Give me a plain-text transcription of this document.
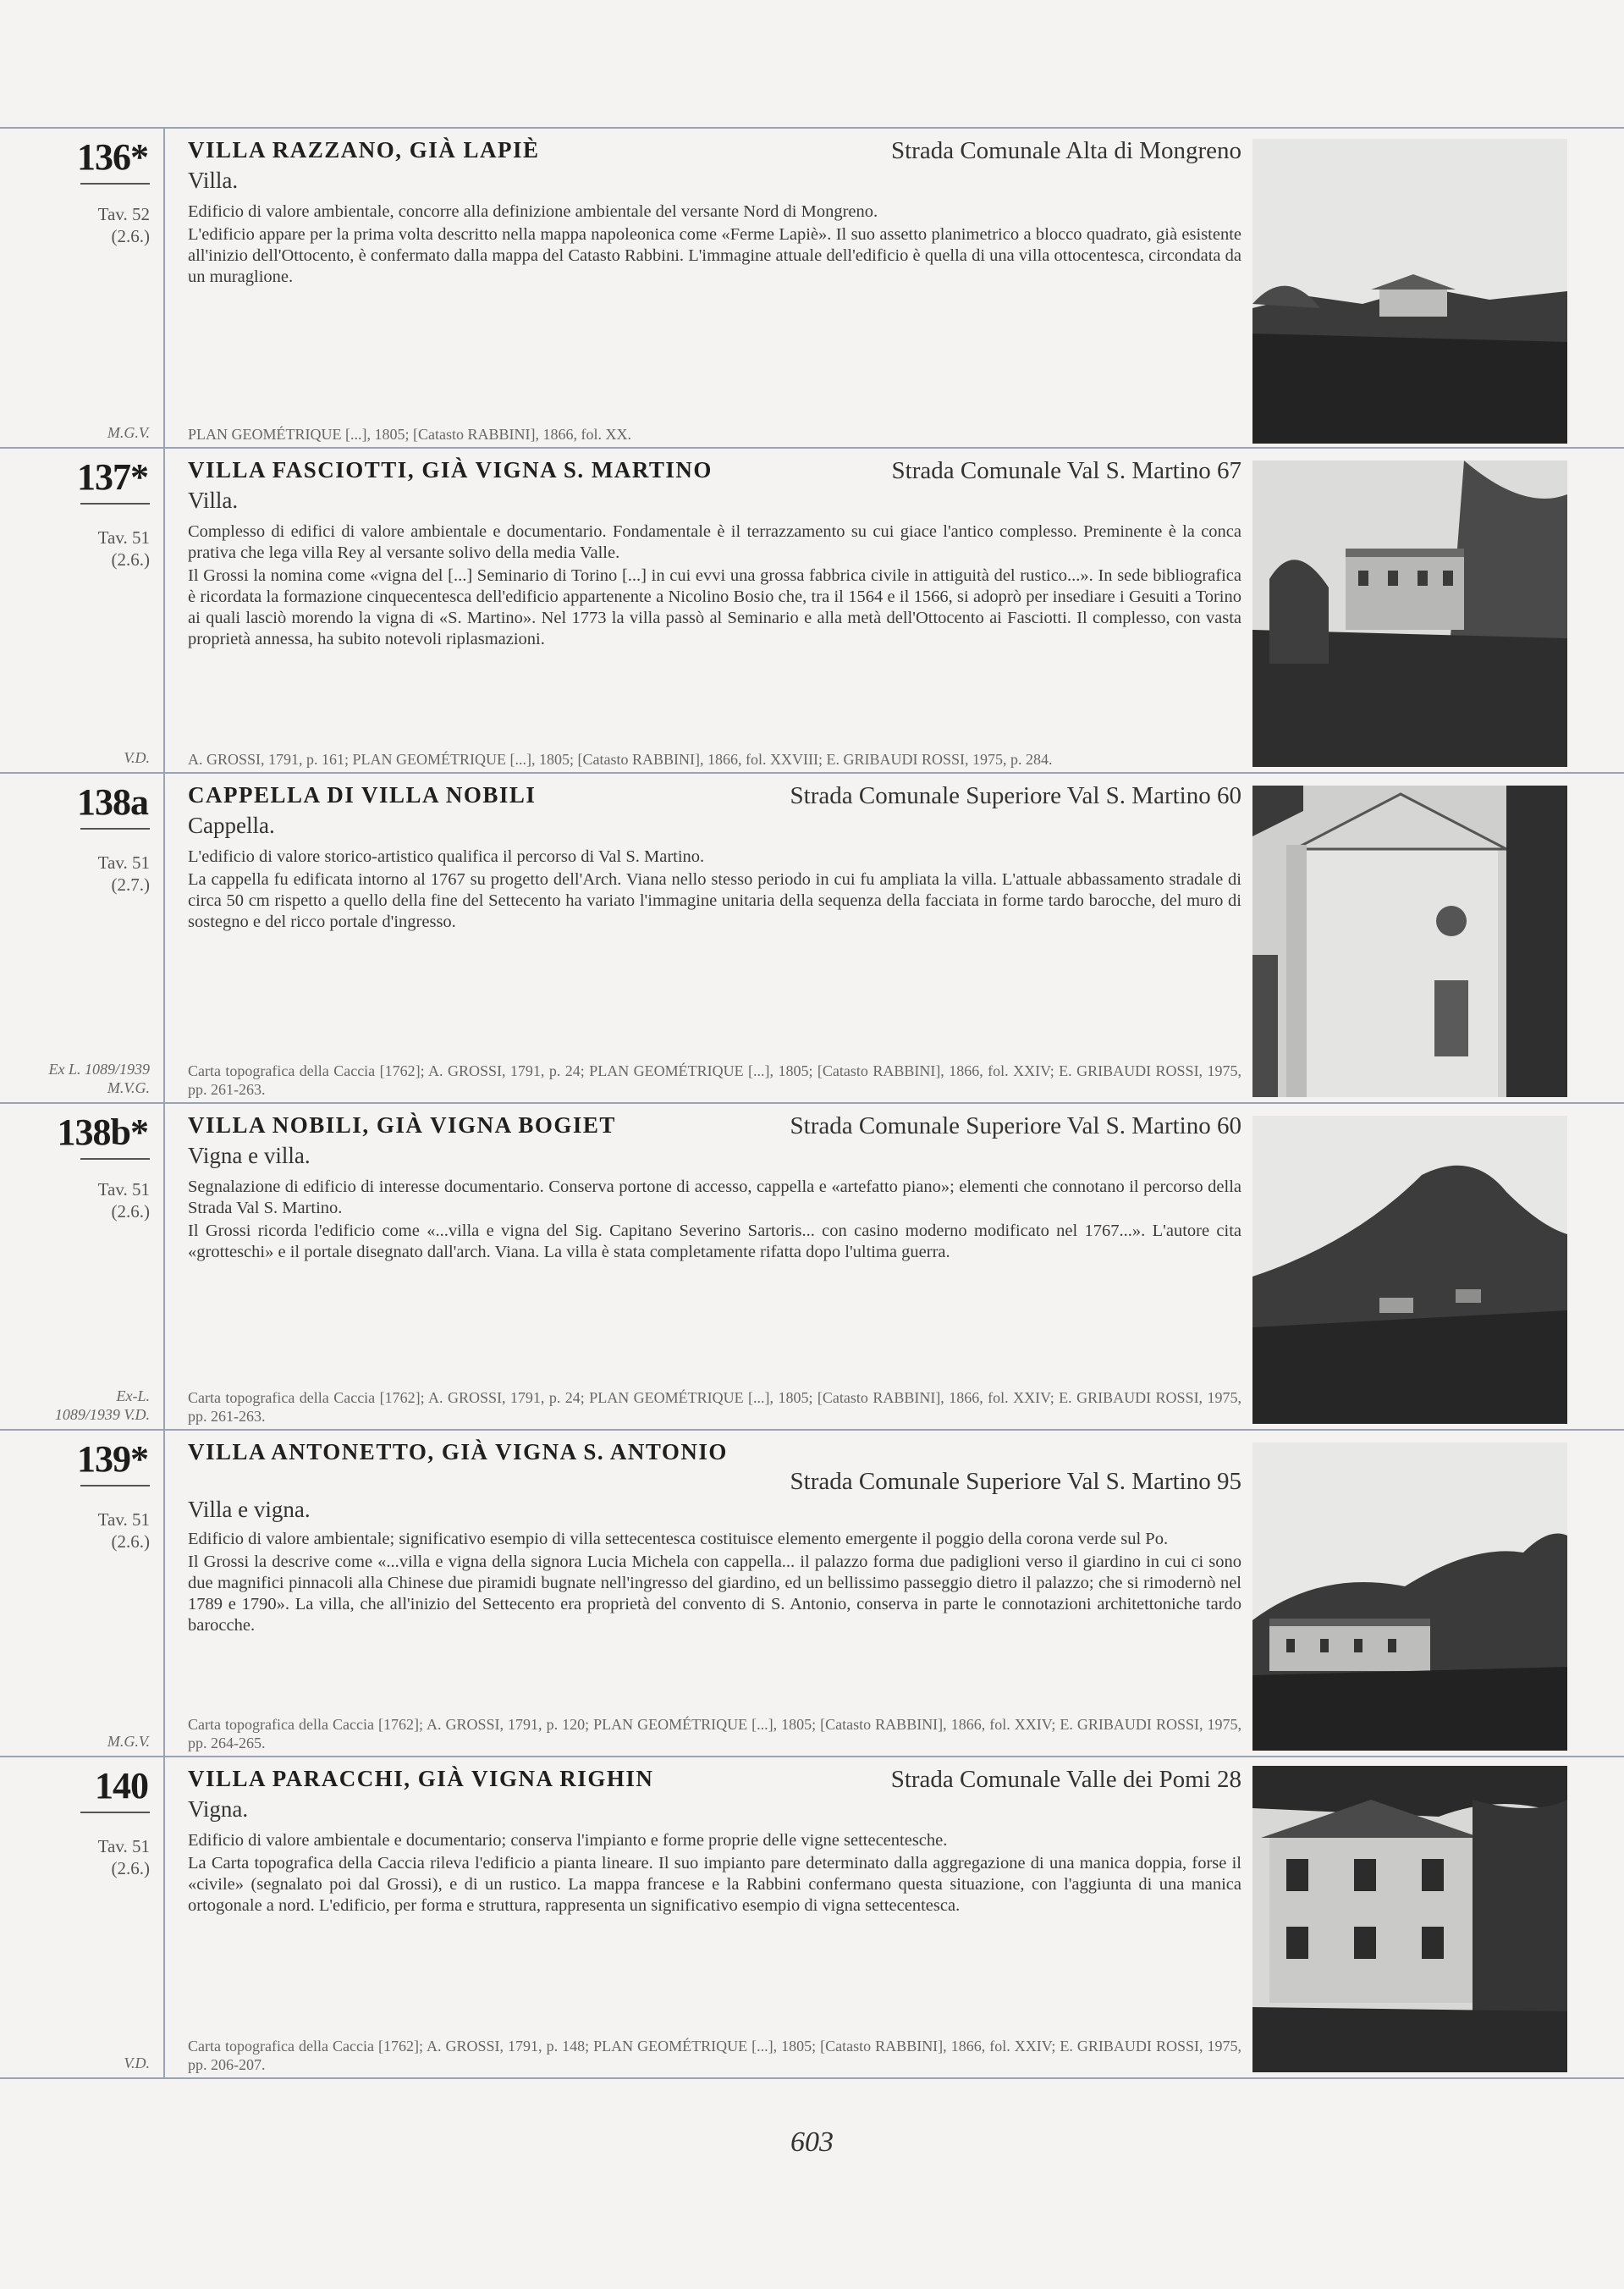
136*
Tav. 52
(2.6.)
M.G.V.
VILLA RAZZANO, GIÀ LAPIÈ	Strada Comunale Alta di Mongreno
Villa.

Edificio di valore ambientale, concorre alla definizione ambientale del versante Nord di Mongreno.

L'edificio appare per la prima volta descritto nella mappa napoleonica come «Ferme Lapiè». Il suo assetto planimetrico a blocco quadrato, già esistente all'inizio dell'Ottocento, è confermato dalla mappa del Catasto Rabbini. L'immagine attuale dell'edificio è quella di una villa ottocentesca, circondata da un muraglione.

PLAN GEOMÉTRIQUE [...], 1805; [Catasto RABBINI], 1866, fol. XX.
137*
Tav. 51
(2.6.)
V.D.
VILLA FASCIOTTI, GIÀ VIGNA S. MARTINO	Strada Comunale Val S. Martino 67
Villa.

Complesso di edifici di valore ambientale e documentario. Fondamentale è il terrazzamento su cui giace l'antico complesso. Preminente è la conca prativa che lega villa Rey al versante solivo della media Valle.

Il Grossi la nomina come «vigna del [...] Seminario di Torino [...] in cui evvi una grossa fabbrica civile in attiguità del rustico...». In sede bibliografica è ricordata la formazione cinquecentesca dell'edificio appartenente a Nicolino Bosio che, tra il 1564 e il 1566, si adoprò per insediare i Gesuiti a Torino ai quali lasciò morendo la vigna di «S. Martino». Nel 1773 la villa passò al Seminario e alla metà dell'Ottocento ai Fasciotti. Il complesso, con vasta proprietà annessa, ha subito notevoli riplasmazioni.

A. GROSSI, 1791, p. 161; PLAN GEOMÉTRIQUE [...], 1805; [Catasto RABBINI], 1866, fol. XXVIII; E. GRIBAUDI ROSSI, 1975, p. 284.
138a
Tav. 51
(2.7.)
Ex L. 1089/1939 M.V.G.
CAPPELLA DI VILLA NOBILI	Strada Comunale Superiore Val S. Martino 60
Cappella.

L'edificio di valore storico-artistico qualifica il percorso di Val S. Martino.

La cappella fu edificata intorno al 1767 su progetto dell'Arch. Viana nello stesso periodo in cui fu ampliata la villa. L'attuale abbassamento stradale di circa 50 cm rispetto a quello della fine del Settecento ha variato l'immagine unitaria della sequenza della facciata in forme tardo barocche, del muro di sostegno e del ricco portale d'ingresso.

Carta topografica della Caccia [1762]; A. GROSSI, 1791, p. 24; PLAN GEOMÉTRIQUE [...], 1805; [Catasto RABBINI], 1866, fol. XXIV; E. GRIBAUDI ROSSI, 1975, pp. 261-263.
138b*
Tav. 51
(2.6.)
Ex-L. 1089/1939 V.D.
VILLA NOBILI, GIÀ VIGNA BOGIET	Strada Comunale Superiore Val S. Martino 60
Vigna e villa.

Segnalazione di edificio di interesse documentario. Conserva portone di accesso, cappella e «artefatto piano»; elementi che connotano il percorso della Strada Val S. Martino.

Il Grossi ricorda l'edificio come «...villa e vigna del Sig. Capitano Severino Sartoris... con casino moderno modificato nel 1767...». L'autore cita «grotteschi» e il portale disegnato dall'arch. Viana. La villa è stata completamente rifatta dopo l'ultima guerra.

Carta topografica della Caccia [1762]; A. GROSSI, 1791, p. 24; PLAN GEOMÉTRIQUE [...], 1805; [Catasto RABBINI], 1866, fol. XXIV; E. GRIBAUDI ROSSI, 1975, pp. 261-263.
139*
Tav. 51
(2.6.)
M.G.V.
VILLA ANTONETTO, GIÀ VIGNA S. ANTONIO
Strada Comunale Superiore Val S. Martino 95
Villa e vigna.

Edificio di valore ambientale; significativo esempio di villa settecentesca costituisce elemento emergente il poggio della corona verde sul Po.

Il Grossi la descrive come «...villa e vigna della signora Lucia Michela con cappella... il palazzo forma due padiglioni verso il giardino in cui ci sono due magnifici pinnacoli alla Chinese due piramidi bugnate nell'ingresso del giardino, ed un bellissimo passeggio dietro il palazzo; che si rimodernò nel 1789 e 1790». La villa, che all'inizio del Settecento era proprietà del convento di S. Antonio, conserva in parte le connotazioni architettoniche tardo barocche.

Carta topografica della Caccia [1762]; A. GROSSI, 1791, p. 120; PLAN GEOMÉTRIQUE [...], 1805; [Catasto RABBINI], 1866, fol. XXIV; E. GRIBAUDI ROSSI, 1975, pp. 264-265.
140
Tav. 51
(2.6.)
V.D.
VILLA PARACCHI, GIÀ VIGNA RIGHIN	Strada Comunale Valle dei Pomi 28
Vigna.

Edificio di valore ambientale e documentario; conserva l'impianto e forme proprie delle vigne settecentesche.

La Carta topografica della Caccia rileva l'edificio a pianta lineare. Il suo impianto pare determinato dalla aggregazione di una manica doppia, forse il «civile» (segnalato poi dal Grossi), e di un rustico. La mappa francese e la Rabbini confermano questa situazione, con l'aggiunta di una manica ortogonale a nord. L'edificio, per forma e struttura, rappresenta un significativo esempio di vigna settecentesca.

Carta topografica della Caccia [1762]; A. GROSSI, 1791, p. 148; PLAN GEOMÉTRIQUE [...], 1805; [Catasto RABBINI], 1866, fol. XXIV; E. GRIBAUDI ROSSI, 1975, pp. 206-207.
603
